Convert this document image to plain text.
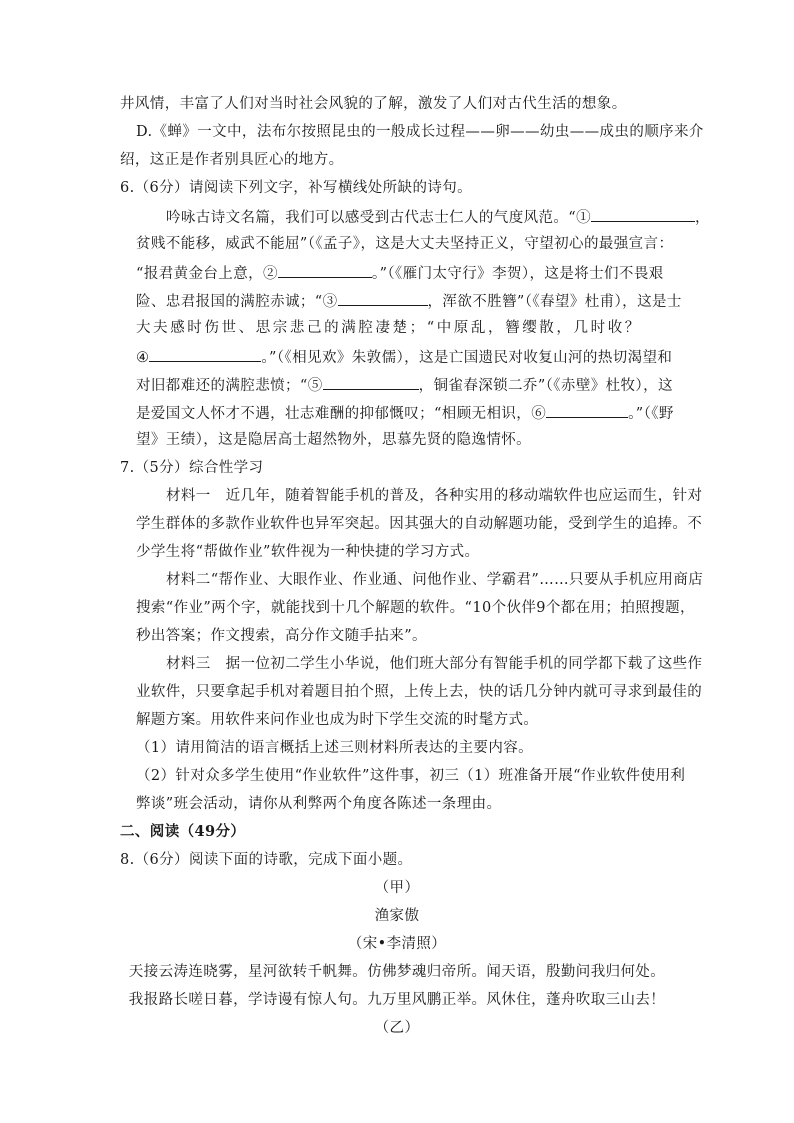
井风情，丰富了人们对当时社会风貌的了解，激发了人们对古代生活的想象。
D.《蝉》一文中，法布尔按照昆虫的一般成长过程——卵——幼虫——成虫的顺序来介
绍，这正是作者别具匠心的地方。
6.（6分）请阅读下列文字，补写横线处所缺的诗句。
吟咏古诗文名篇，我们可以感受到古代志士仁人的气度风范。“①	，
贫贱不能移，威武不能屈”（《孟子》，这是大丈夫坚持正义，守望初心的最强宣言：
“报君黄金台上意，②	。”（《雁门太守行》李贺），这是将士们不畏艰
险、忠君报国的满腔赤诚；“③	，浑欲不胜簪”（《春望》杜甫），这是士
大夫感时伤世、思宗悲己的满腔凄楚；“中原乱，簪缨散，几时收？
④	。”（《相见欢》朱敦儒），这是亡国遗民对收复山河的热切渴望和
对旧都难还的满腔悲愤；“⑤	，铜雀春深锁二乔”（《赤壁》杜牧），这
是爱国文人怀才不遇，壮志难酬的抑郁慨叹；“相顾无相识，⑥	。”（《野
望》王绩），这是隐居高士超然物外，思慕先贤的隐逸情怀。
7.（5分）综合性学习
材料一　近几年，随着智能手机的普及，各种实用的移动端软件也应运而生，针对
学生群体的多款作业软件也异军突起。因其强大的自动解题功能，受到学生的追捧。不
少学生将“帮做作业”软件视为一种快捷的学习方式。
材料二“帮作业、大眼作业、作业通、问他作业、学霸君”……只要从手机应用商店
搜索“作业”两个字，就能找到十几个解题的软件。“10个伙伴9个都在用；拍照搜题，
秒出答案；作文搜索，高分作文随手拈来”。
材料三　据一位初二学生小华说，他们班大部分有智能手机的同学都下载了这些作
业软件，只要拿起手机对着题目拍个照，上传上去，快的话几分钟内就可寻求到最佳的
解题方案。用软件来问作业也成为时下学生交流的时髦方式。
（1）请用简洁的语言概括上述三则材料所表达的主要内容。
（2）针对众多学生使用“作业软件”这件事，初三（1）班准备开展“作业软件使用利
弊谈”班会活动，请你从利弊两个角度各陈述一条理由。
二、阅读（49分）
8.（6分）阅读下面的诗歌，完成下面小题。
（甲）
渔家傲
（宋•李清照）
天接云涛连晓雾，星河欲转千帆舞。仿佛梦魂归帝所。闻天语，殷勤问我归何处。
我报路长嗟日暮，学诗谩有惊人句。九万里风鹏正举。风休住，蓬舟吹取三山去！
（乙）
